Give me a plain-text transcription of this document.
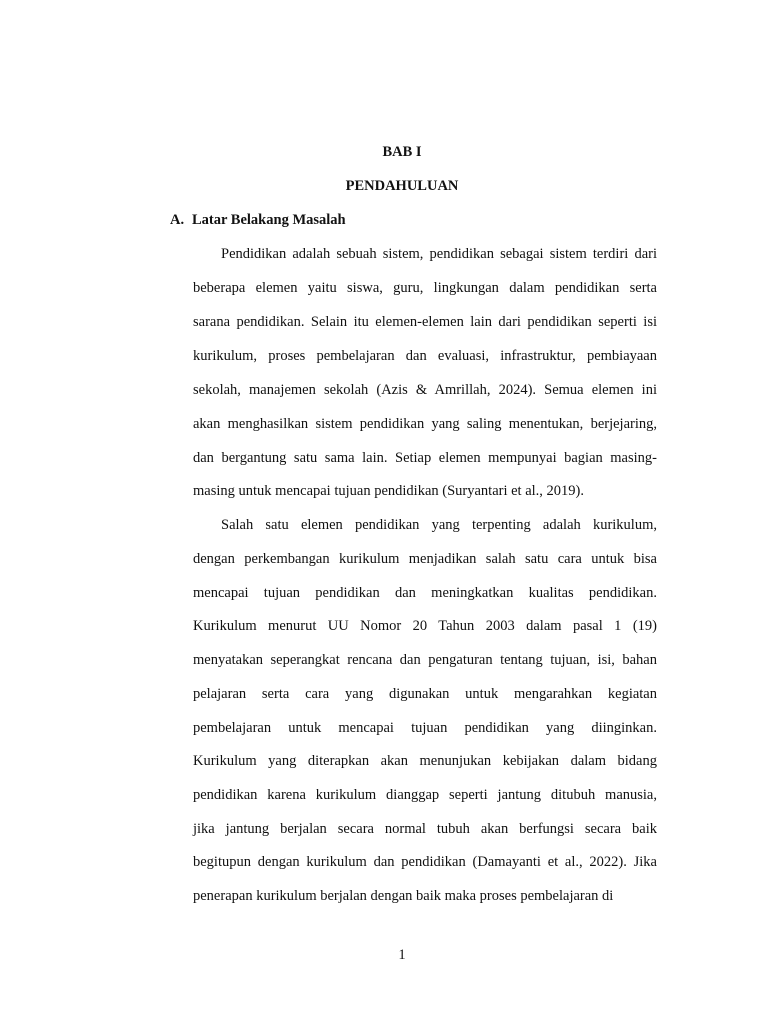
BAB I
PENDAHULUAN
A. Latar Belakang Masalah
Pendidikan adalah sebuah sistem, pendidikan sebagai sistem terdiri dari
beberapa elemen yaitu siswa, guru, lingkungan dalam pendidikan serta
sarana pendidikan. Selain itu elemen-elemen lain dari pendidikan seperti isi
kurikulum, proses pembelajaran dan evaluasi, infrastruktur, pembiayaan
sekolah, manajemen sekolah (Azis & Amrillah, 2024). Semua elemen ini
akan menghasilkan sistem pendidikan yang saling menentukan, berjejaring,
dan bergantung satu sama lain. Setiap elemen mempunyai bagian masing-
masing untuk mencapai tujuan pendidikan (Suryantari et al., 2019).
Salah satu elemen pendidikan yang terpenting adalah kurikulum,
dengan perkembangan kurikulum menjadikan salah satu cara untuk bisa
mencapai tujuan pendidikan dan meningkatkan kualitas pendidikan.
Kurikulum menurut UU Nomor 20 Tahun 2003 dalam pasal 1 (19)
menyatakan seperangkat rencana dan pengaturan tentang tujuan, isi, bahan
pelajaran serta cara yang digunakan untuk mengarahkan kegiatan
pembelajaran untuk mencapai tujuan pendidikan yang diinginkan.
Kurikulum yang diterapkan akan menunjukan kebijakan dalam bidang
pendidikan karena kurikulum dianggap seperti jantung ditubuh manusia,
jika jantung berjalan secara normal tubuh akan berfungsi secara baik
begitupun dengan kurikulum dan pendidikan (Damayanti et al., 2022). Jika
penerapan kurikulum berjalan dengan baik maka proses pembelajaran di
1
